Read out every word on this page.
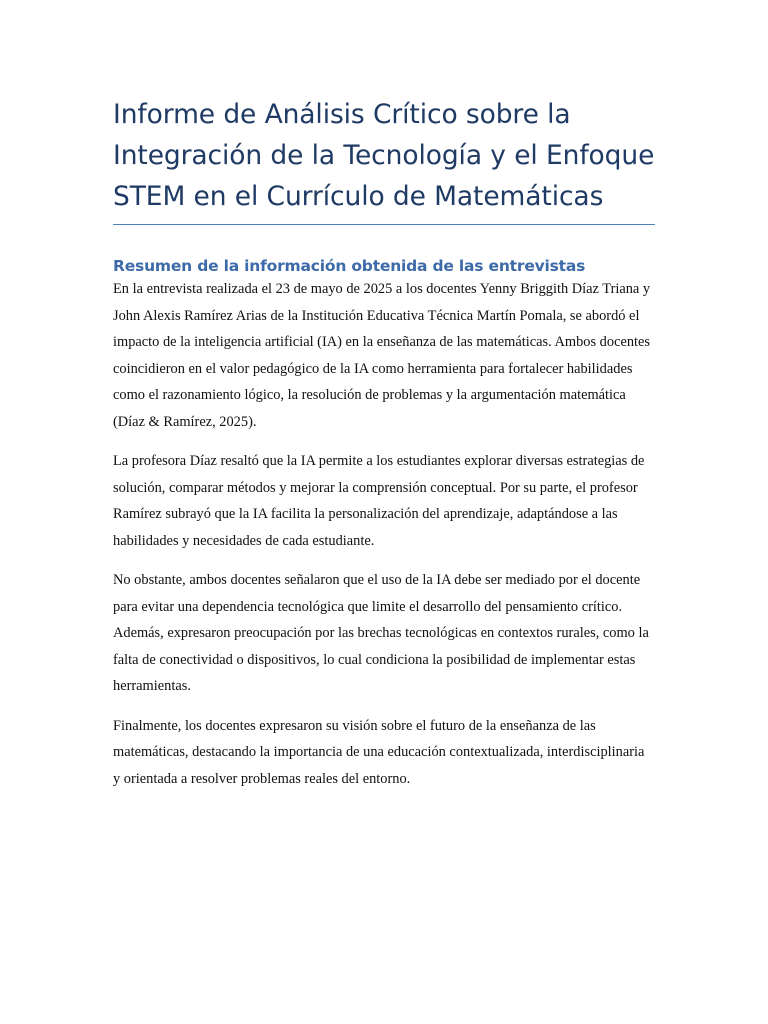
Informe de Análisis Crítico sobre la Integración de la Tecnología y el Enfoque STEM en el Currículo de Matemáticas
Resumen de la información obtenida de las entrevistas

En la entrevista realizada el 23 de mayo de 2025 a los docentes Yenny Briggith Díaz Triana y John Alexis Ramírez Arias de la Institución Educativa Técnica Martín Pomala, se abordó el impacto de la inteligencia artificial (IA) en la enseñanza de las matemáticas. Ambos docentes coincidieron en el valor pedagógico de la IA como herramienta para fortalecer habilidades como el razonamiento lógico, la resolución de problemas y la argumentación matemática (Díaz & Ramírez, 2025).

La profesora Díaz resaltó que la IA permite a los estudiantes explorar diversas estrategias de solución, comparar métodos y mejorar la comprensión conceptual. Por su parte, el profesor Ramírez subrayó que la IA facilita la personalización del aprendizaje, adaptándose a las habilidades y necesidades de cada estudiante.

No obstante, ambos docentes señalaron que el uso de la IA debe ser mediado por el docente para evitar una dependencia tecnológica que limite el desarrollo del pensamiento crítico. Además, expresaron preocupación por las brechas tecnológicas en contextos rurales, como la falta de conectividad o dispositivos, lo cual condiciona la posibilidad de implementar estas herramientas.

Finalmente, los docentes expresaron su visión sobre el futuro de la enseñanza de las matemáticas, destacando la importancia de una educación contextualizada, interdisciplinaria y orientada a resolver problemas reales del entorno.
